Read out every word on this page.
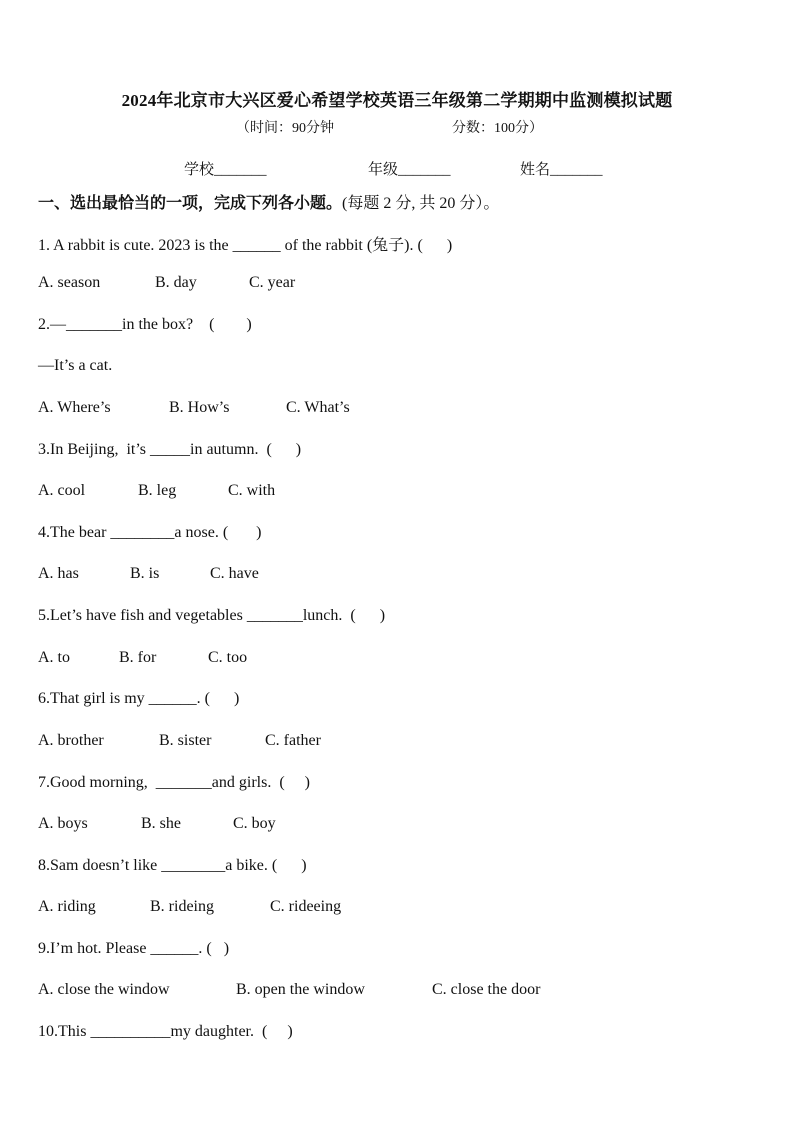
2024年北京市大兴区爱心希望学校英语三年级第二学期期中监测模拟试题
（时间：90分钟	分数：100分）
学校_______	年级_______	姓名_______
一、选出最恰当的一项，完成下列各小题。(每题 2 分, 共 20 分）。
1. A rabbit is cute. 2023 is the ______ of the rabbit (兔子). (      )
A. season	B. day	C. year
2.—_______in the box?    (        )
—It’s a cat.
A. Where’s	B. How’s	C. What’s
3.In Beijing,  it’s _____in autumn.  (      )
A. cool	B. leg	C. with
4.The bear ________a nose. (       )
A. has	B. is	C. have
5.Let’s have fish and vegetables _______lunch.  (      )
A. to	B. for	C. too
6.That girl is my ______. (      )
A. brother	B. sister	C. father
7.Good morning,  _______and girls.  (     )
A. boys	B. she	C. boy
8.Sam doesn’t like ________a bike. (      )
A. riding	B. rideing	C. rideeing
9.I’m hot. Please ______. (   )
A. close the window	B. open the window	C. close the door
10.This __________my daughter.  (     )
